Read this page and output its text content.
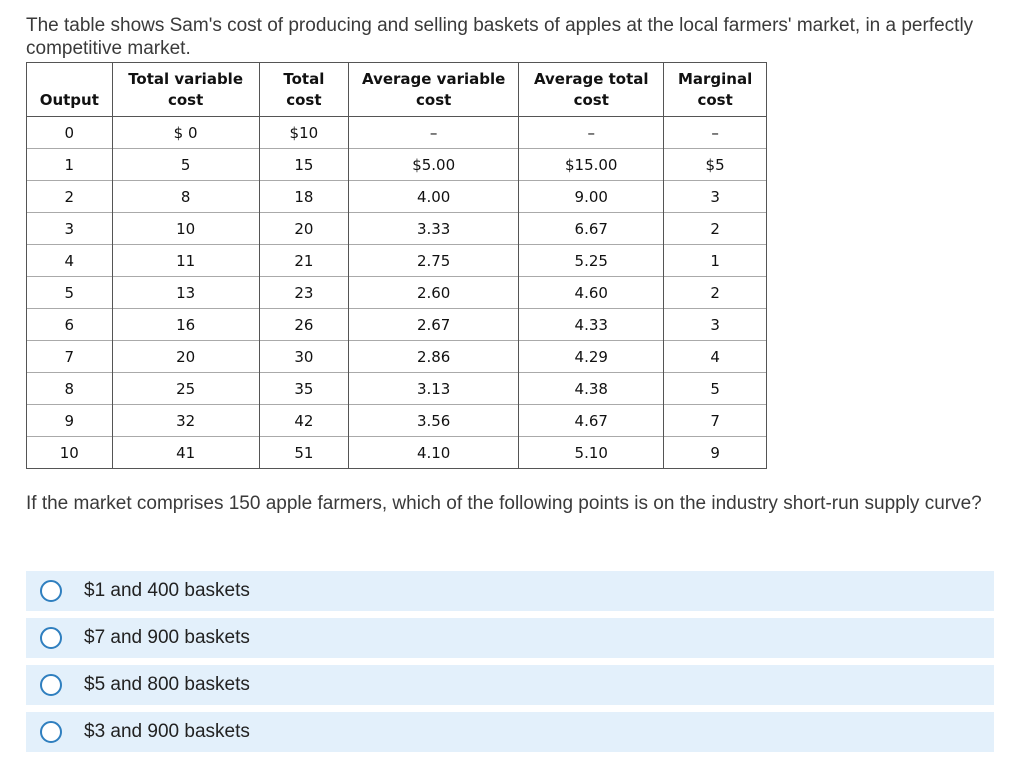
The table shows Sam's cost of producing and selling baskets of apples at the local farmers' market, in a perfectly competitive market.

Output	Total variable cost	Total cost	Average variable cost	Average total cost	Marginal cost
0	$ 0	$10	–	–	–
1	5	15	$5.00	$15.00	$5
2	8	18	4.00	9.00	3
3	10	20	3.33	6.67	2
4	11	21	2.75	5.25	1
5	13	23	2.60	4.60	2
6	16	26	2.67	4.33	3
7	20	30	2.86	4.29	4
8	25	35	3.13	4.38	5
9	32	42	3.56	4.67	7
10	41	51	4.10	5.10	9

If the market comprises 150 apple farmers, which of the following points is on the industry short-run supply curve?

$1 and 400 baskets
$7 and 900 baskets
$5 and 800 baskets
$3 and 900 baskets
